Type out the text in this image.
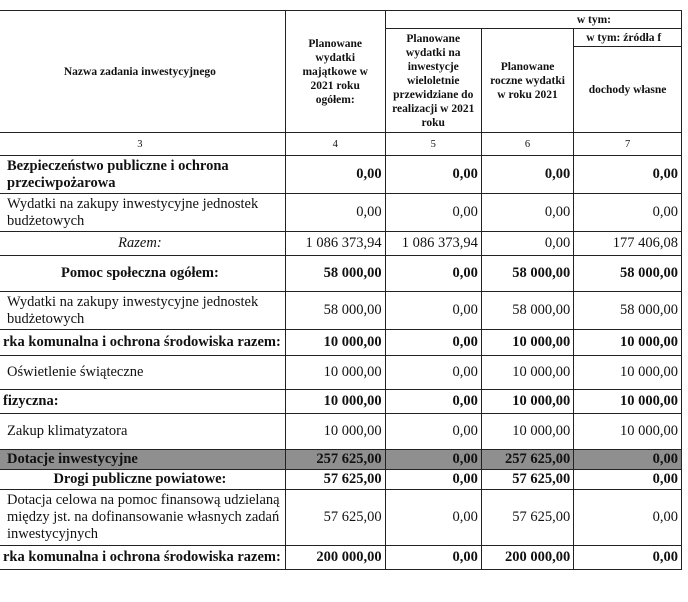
Nazwa zadania inwestycyjnego	Planowane wydatki majątkowe w 2021 roku ogółem:	w tym:		
		Planowane wydatki na inwestycje wieloletnie przewidziane do realizacji w 2021 roku	Planowane roczne wydatki w roku 2021	w tym: źródła f
				dochody własne
3	4	5	6	7
Bezpieczeństwo publiczne i ochrona przeciwpożarowa	0,00	0,00	0,00	0,00
Wydatki na zakupy inwestycyjne jednostek budżetowych	0,00	0,00	0,00	0,00
Razem:	1 086 373,94	1 086 373,94	0,00	177 406,08
Pomoc społeczna ogółem:	58 000,00	0,00	58 000,00	58 000,00
Wydatki na zakupy inwestycyjne jednostek budżetowych	58 000,00	0,00	58 000,00	58 000,00
rka komunalna i ochrona środowiska razem:	10 000,00	0,00	10 000,00	10 000,00
Oświetlenie świąteczne	10 000,00	0,00	10 000,00	10 000,00
fizyczna:	10 000,00	0,00	10 000,00	10 000,00
Zakup klimatyzatora	10 000,00	0,00	10 000,00	10 000,00
Dotacje inwestycyjne	257 625,00	0,00	257 625,00	0,00
Drogi publiczne powiatowe:	57 625,00	0,00	57 625,00	0,00
Dotacja celowa na pomoc finansową udzielaną między jst. na dofinansowanie własnych zadań inwestycyjnych	57 625,00	0,00	57 625,00	0,00
rka komunalna i ochrona środowiska razem:	200 000,00	0,00	200 000,00	0,00
